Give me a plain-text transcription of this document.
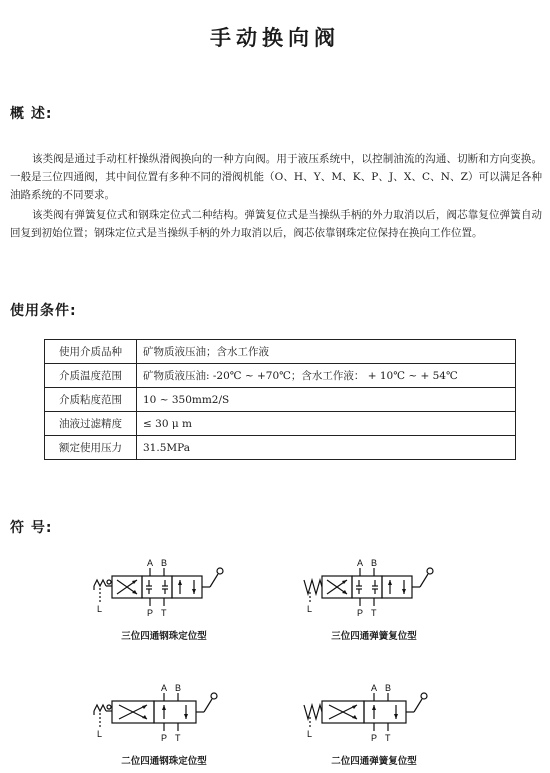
手动换向阀
概 述:

该类阀是通过手动杠杆操纵滑阀换向的一种方向阀。用于液压系统中，以控制油流的沟通、切断和方向变换。一般是三位四通阀，其中间位置有多种不同的滑阀机能（O、H、Y、M、K、P、J、X、C、N、Z）可以满足各种油路系统的不同要求。

该类阀有弹簧复位式和钢珠定位式二种结构。弹簧复位式是当操纵手柄的外力取消以后，阀芯靠复位弹簧自动回复到初始位置；钢珠定位式是当操纵手柄的外力取消以后，阀芯依靠钢珠定位保持在换向工作位置。

使用条件:
使用介质品种	矿物质液压油；含水工作液
介质温度范围	矿物质液压油: -20℃ ~ +70℃；含水工作液： + 10℃ ~ + 54℃
介质粘度范围	10 ~ 350mm2/S
油液过滤精度	≤ 30 μ m
额定使用压力	31.5MPa
符 号:
A B
P T
L
三位四通钢珠定位型
A B
P T
L
三位四通弹簧复位型
A B
P T
L
二位四通钢珠定位型
A B
P T
L
二位四通弹簧复位型
